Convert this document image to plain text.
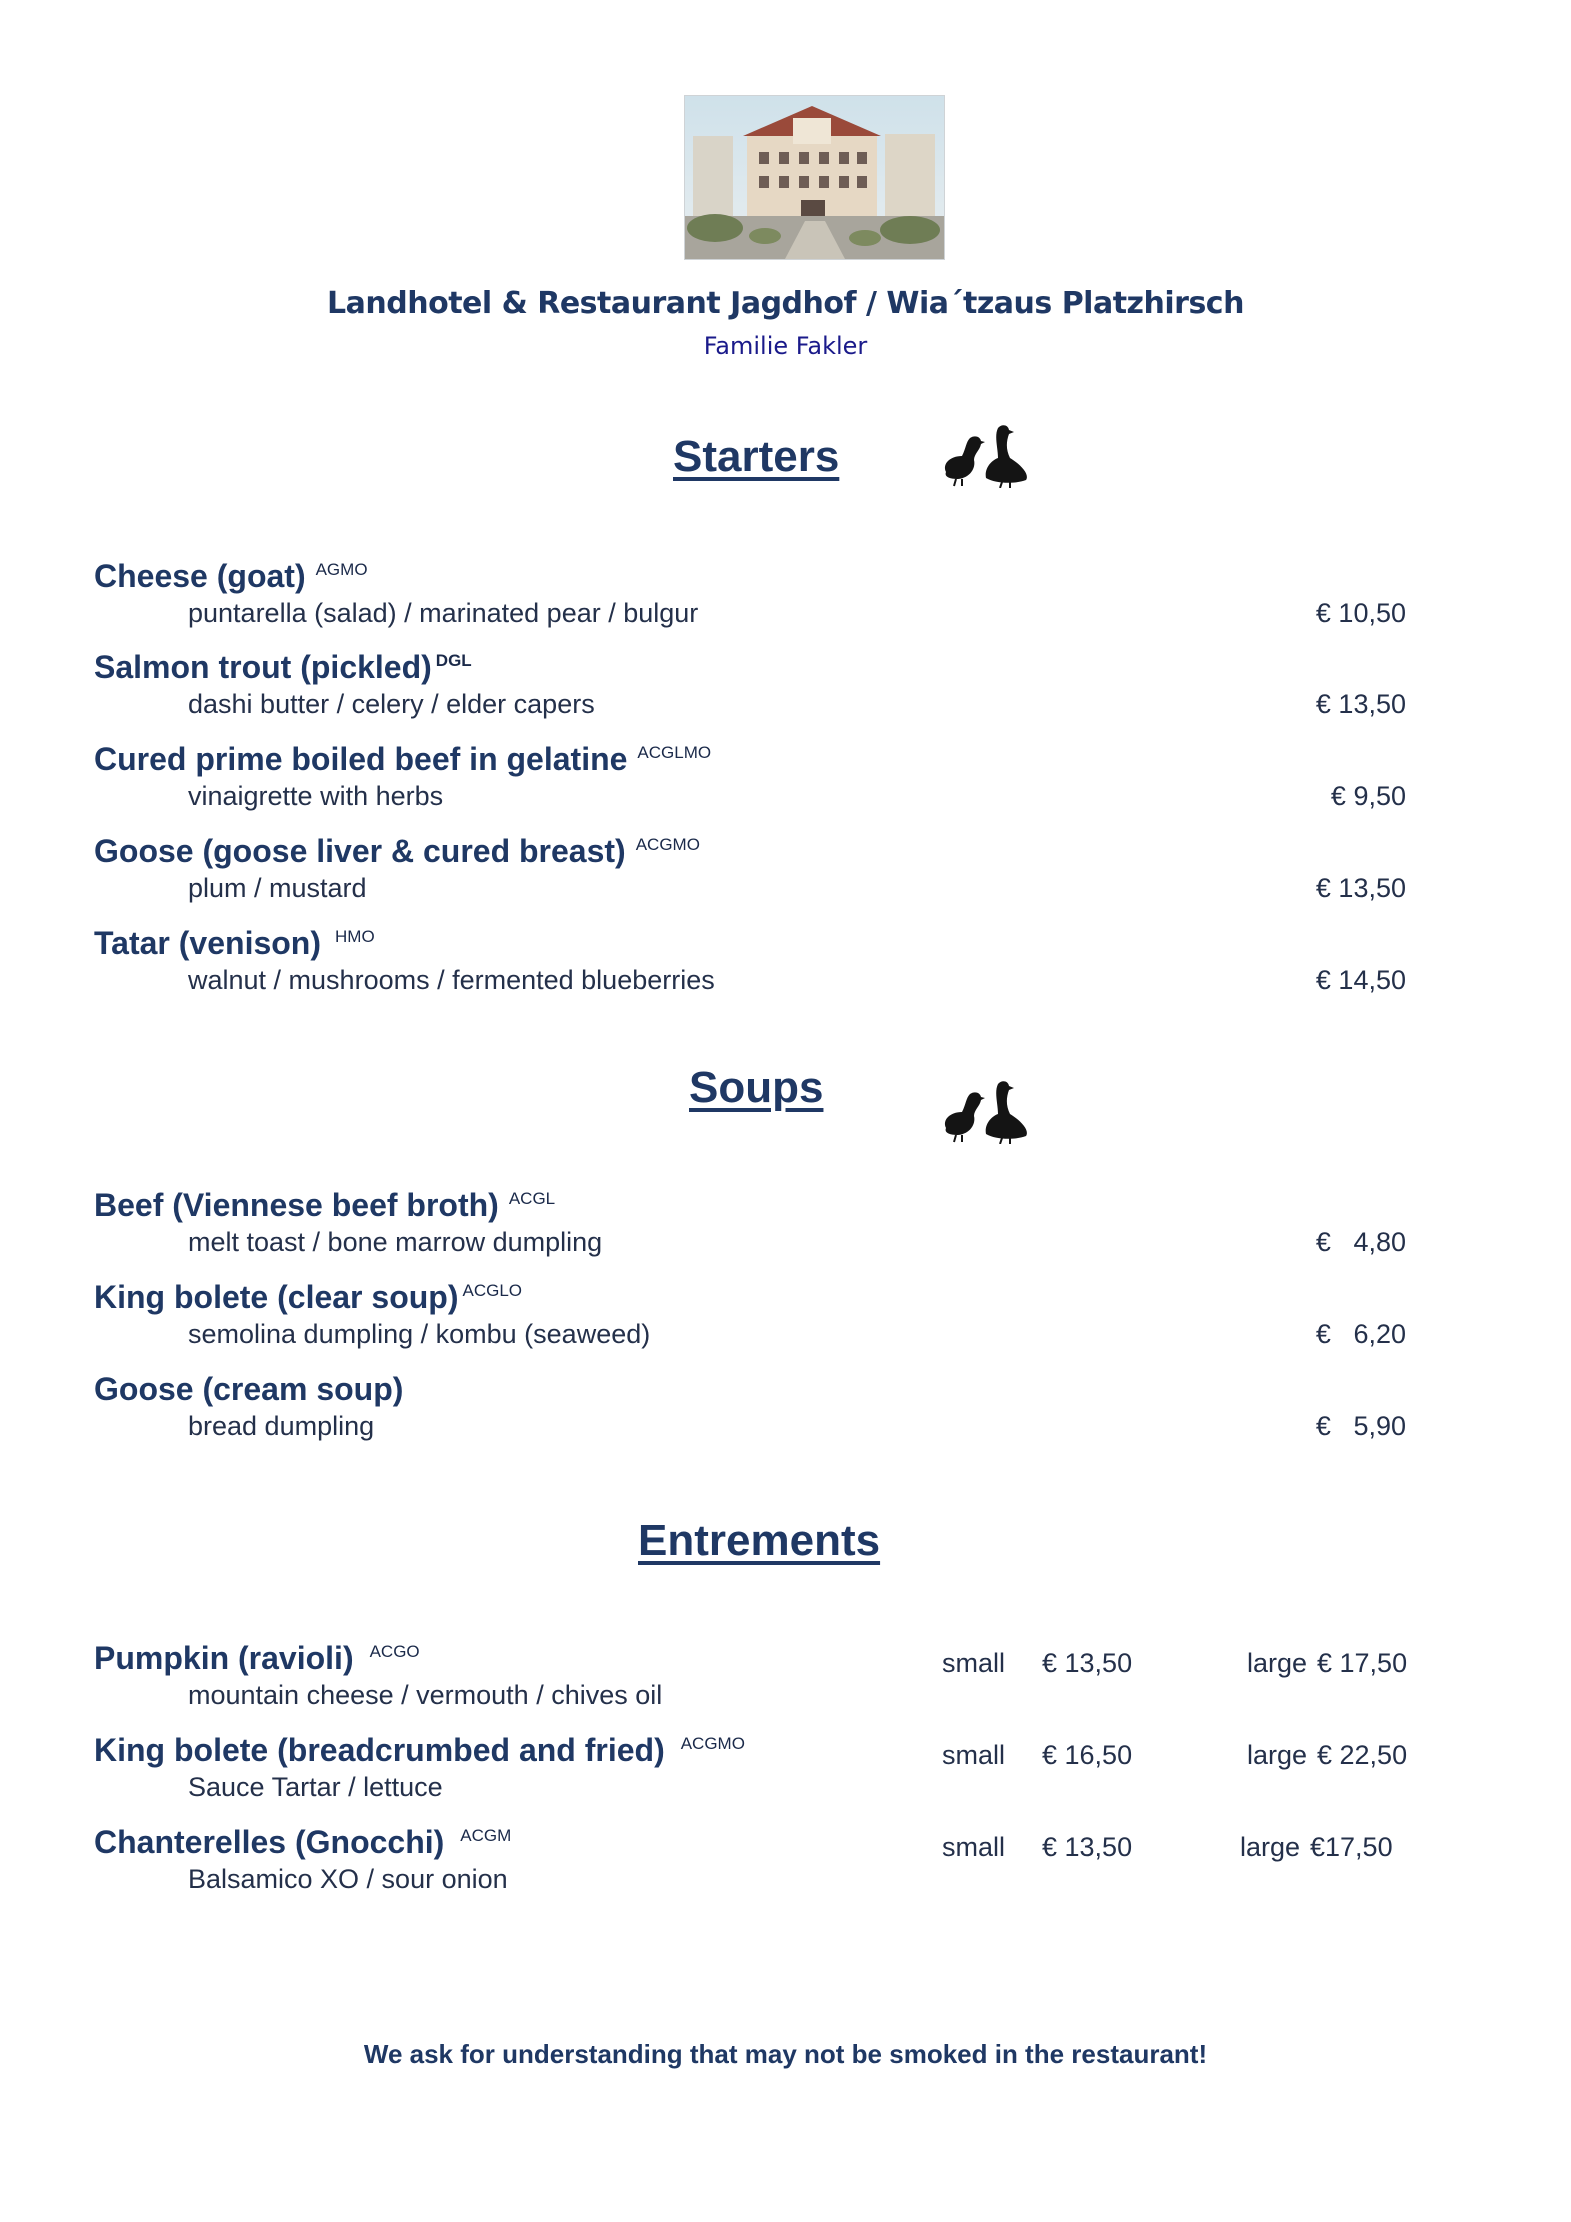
Landhotel & Restaurant Jagdhof / Wia´tzaus Platzhirsch
Familie Fakler
Starters
Cheese (goat) $^{AGMO}$
puntarella (salad) / marinated pear / bulgur	€ 10,50
Salmon trout (pickled) $^{DGL}$
dashi butter / celery / elder capers	€ 13,50
Cured prime boiled beef in gelatine $^{ACGLMO}$
vinaigrette with herbs	€ 9,50
Goose (goose liver & cured breast) $^{ACGMO}$
plum / mustard	€ 13,50
Tatar (venison) $^{HMO}$
walnut / mushrooms / fermented blueberries	€ 14,50
Soups
Beef (Viennese beef broth) $^{ACGL}$
melt toast / bone marrow dumpling	€   4,80
King bolete (clear soup) $^{ACGLO}$
semolina dumpling / kombu (seaweed)	€   6,20
Goose (cream soup)
bread dumpling	€   5,90
Entrements
Pumpkin (ravioli) $^{ACGO}$
mountain cheese / vermouth / chives oil
small € 13,50	large € 17,50
King bolete (breadcrumbed and fried) $^{ACGMO}$
Sauce Tartar / lettuce
small € 16,50	large € 22,50
Chanterelles (Gnocchi) $^{ACGM}$
Balsamico XO / sour onion
small € 13,50	large €17,50
We ask for understanding that may not be smoked in the restaurant!
